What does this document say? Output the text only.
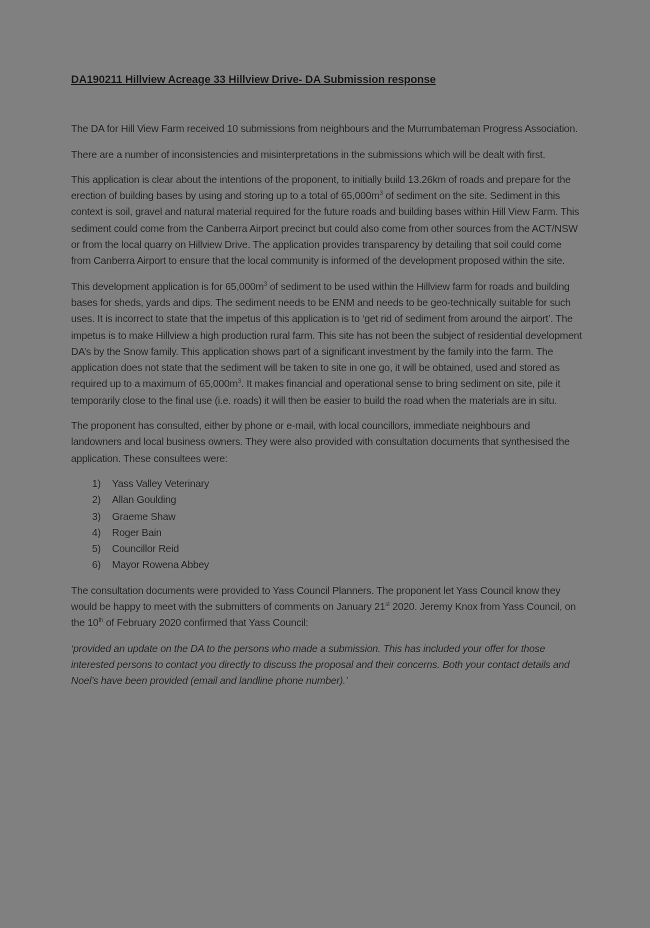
DA190211 Hillview Acreage 33 Hillview Drive- DA Submission response

The DA for Hill View Farm received 10 submissions from neighbours and the Murrumbateman Progress Association.

There are a number of inconsistencies and misinterpretations in the submissions which will be dealt with first.

This application is clear about the intentions of the proponent, to initially build 13.26km of roads and prepare for the erection of building bases by using and storing up to a total of $65,000m^3$ of sediment on the site. Sediment in this context is soil, gravel and natural material required for the future roads and building bases within Hill View Farm. This sediment could come from the Canberra Airport precinct but could also come from other sources from the ACT/NSW or from the local quarry on Hillview Drive. The application provides transparency by detailing that soil could come from Canberra Airport to ensure that the local community is informed of the development proposed within the site.

This development application is for $65,000m^3$ of sediment to be used within the Hillview farm for roads and building bases for sheds, yards and dips. The sediment needs to be ENM and needs to be geo-technically suitable for such uses. It is incorrect to state that the impetus of this application is to ‘get rid of sediment from around the airport’. The impetus is to make Hillview a high production rural farm. This site has not been the subject of residential development DA’s by the Snow family. This application shows part of a significant investment by the family into the farm. The application does not state that the sediment will be taken to site in one go, it will be obtained, used and stored as required up to a maximum of $65,000m^3$. It makes financial and operational sense to bring sediment on site, pile it temporarily close to the final use (i.e. roads) it will then be easier to build the road when the materials are in situ.

The proponent has consulted, either by phone or e-mail, with local councillors, immediate neighbours and landowners and local business owners. They were also provided with consultation documents that synthesised the application. These consultees were:

1)	Yass Valley Veterinary
2)	Allan Goulding
3)	Graeme Shaw
4)	Roger Bain
5)	Councillor Reid
6)	Mayor Rowena Abbey

The consultation documents were provided to Yass Council Planners. The proponent let Yass Council know they would be happy to meet with the submitters of comments on January 21st 2020. Jeremy Knox from Yass Council, on the 10th of February 2020 confirmed that Yass Council:

‘provided an update on the DA to the persons who made a submission. This has included your offer for those interested persons to contact you directly to discuss the proposal and their concerns. Both your contact details and Noel’s have been provided (email and landline phone number).’
